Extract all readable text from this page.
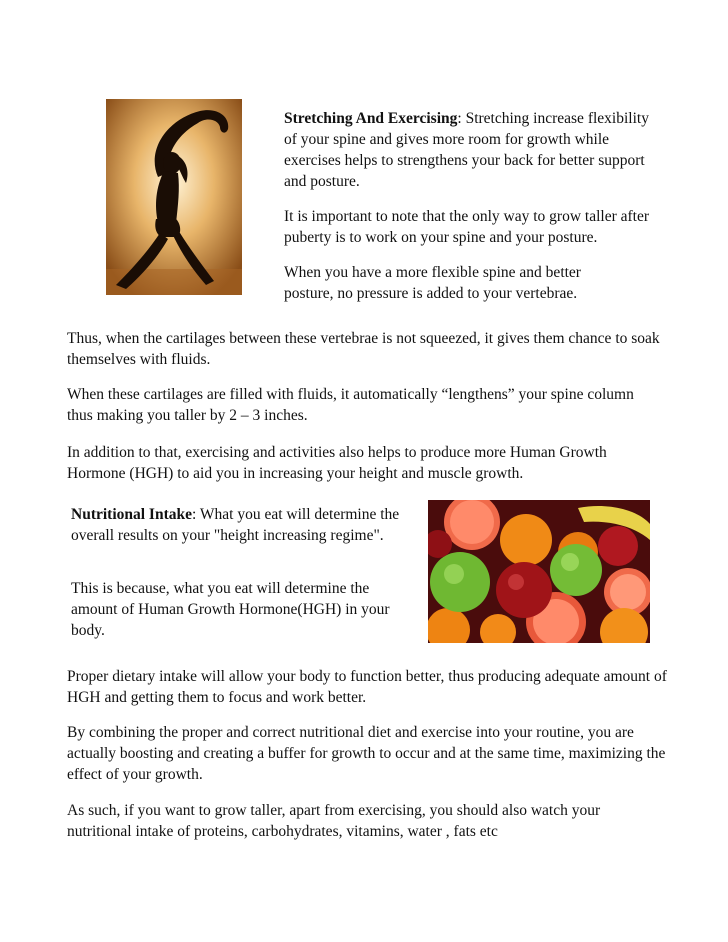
Stretching And Exercising: Stretching increase flexibility of your spine and gives more room for growth while exercises helps to strengthens your back for better support and posture.

It is important to note that the only way to grow taller after puberty is to work on your spine and your posture.

When you have a more flexible spine and better posture, no pressure is added to your vertebrae.

Thus, when the cartilages between these vertebrae is not squeezed, it gives them chance to soak themselves with fluids.

When these cartilages are filled with fluids, it automatically “lengthens” your spine column thus making you taller by 2 – 3 inches.

In addition to that, exercising and activities also helps to produce more Human Growth Hormone (HGH) to aid you in increasing your height and muscle growth.

Nutritional Intake: What you eat will determine the overall results on your "height increasing regime".

This is because, what you eat will determine the amount of Human Growth Hormone(HGH) in your body.

Proper dietary intake will allow your body to function better, thus producing adequate amount of HGH and getting them to focus and work better.

By combining the proper and correct nutritional diet and exercise into your routine, you are actually boosting and creating a buffer for growth to occur and at the same time, maximizing the effect of your growth.

As such, if you want to grow taller, apart from exercising, you should also watch your nutritional intake of proteins, carbohydrates, vitamins, water , fats etc
